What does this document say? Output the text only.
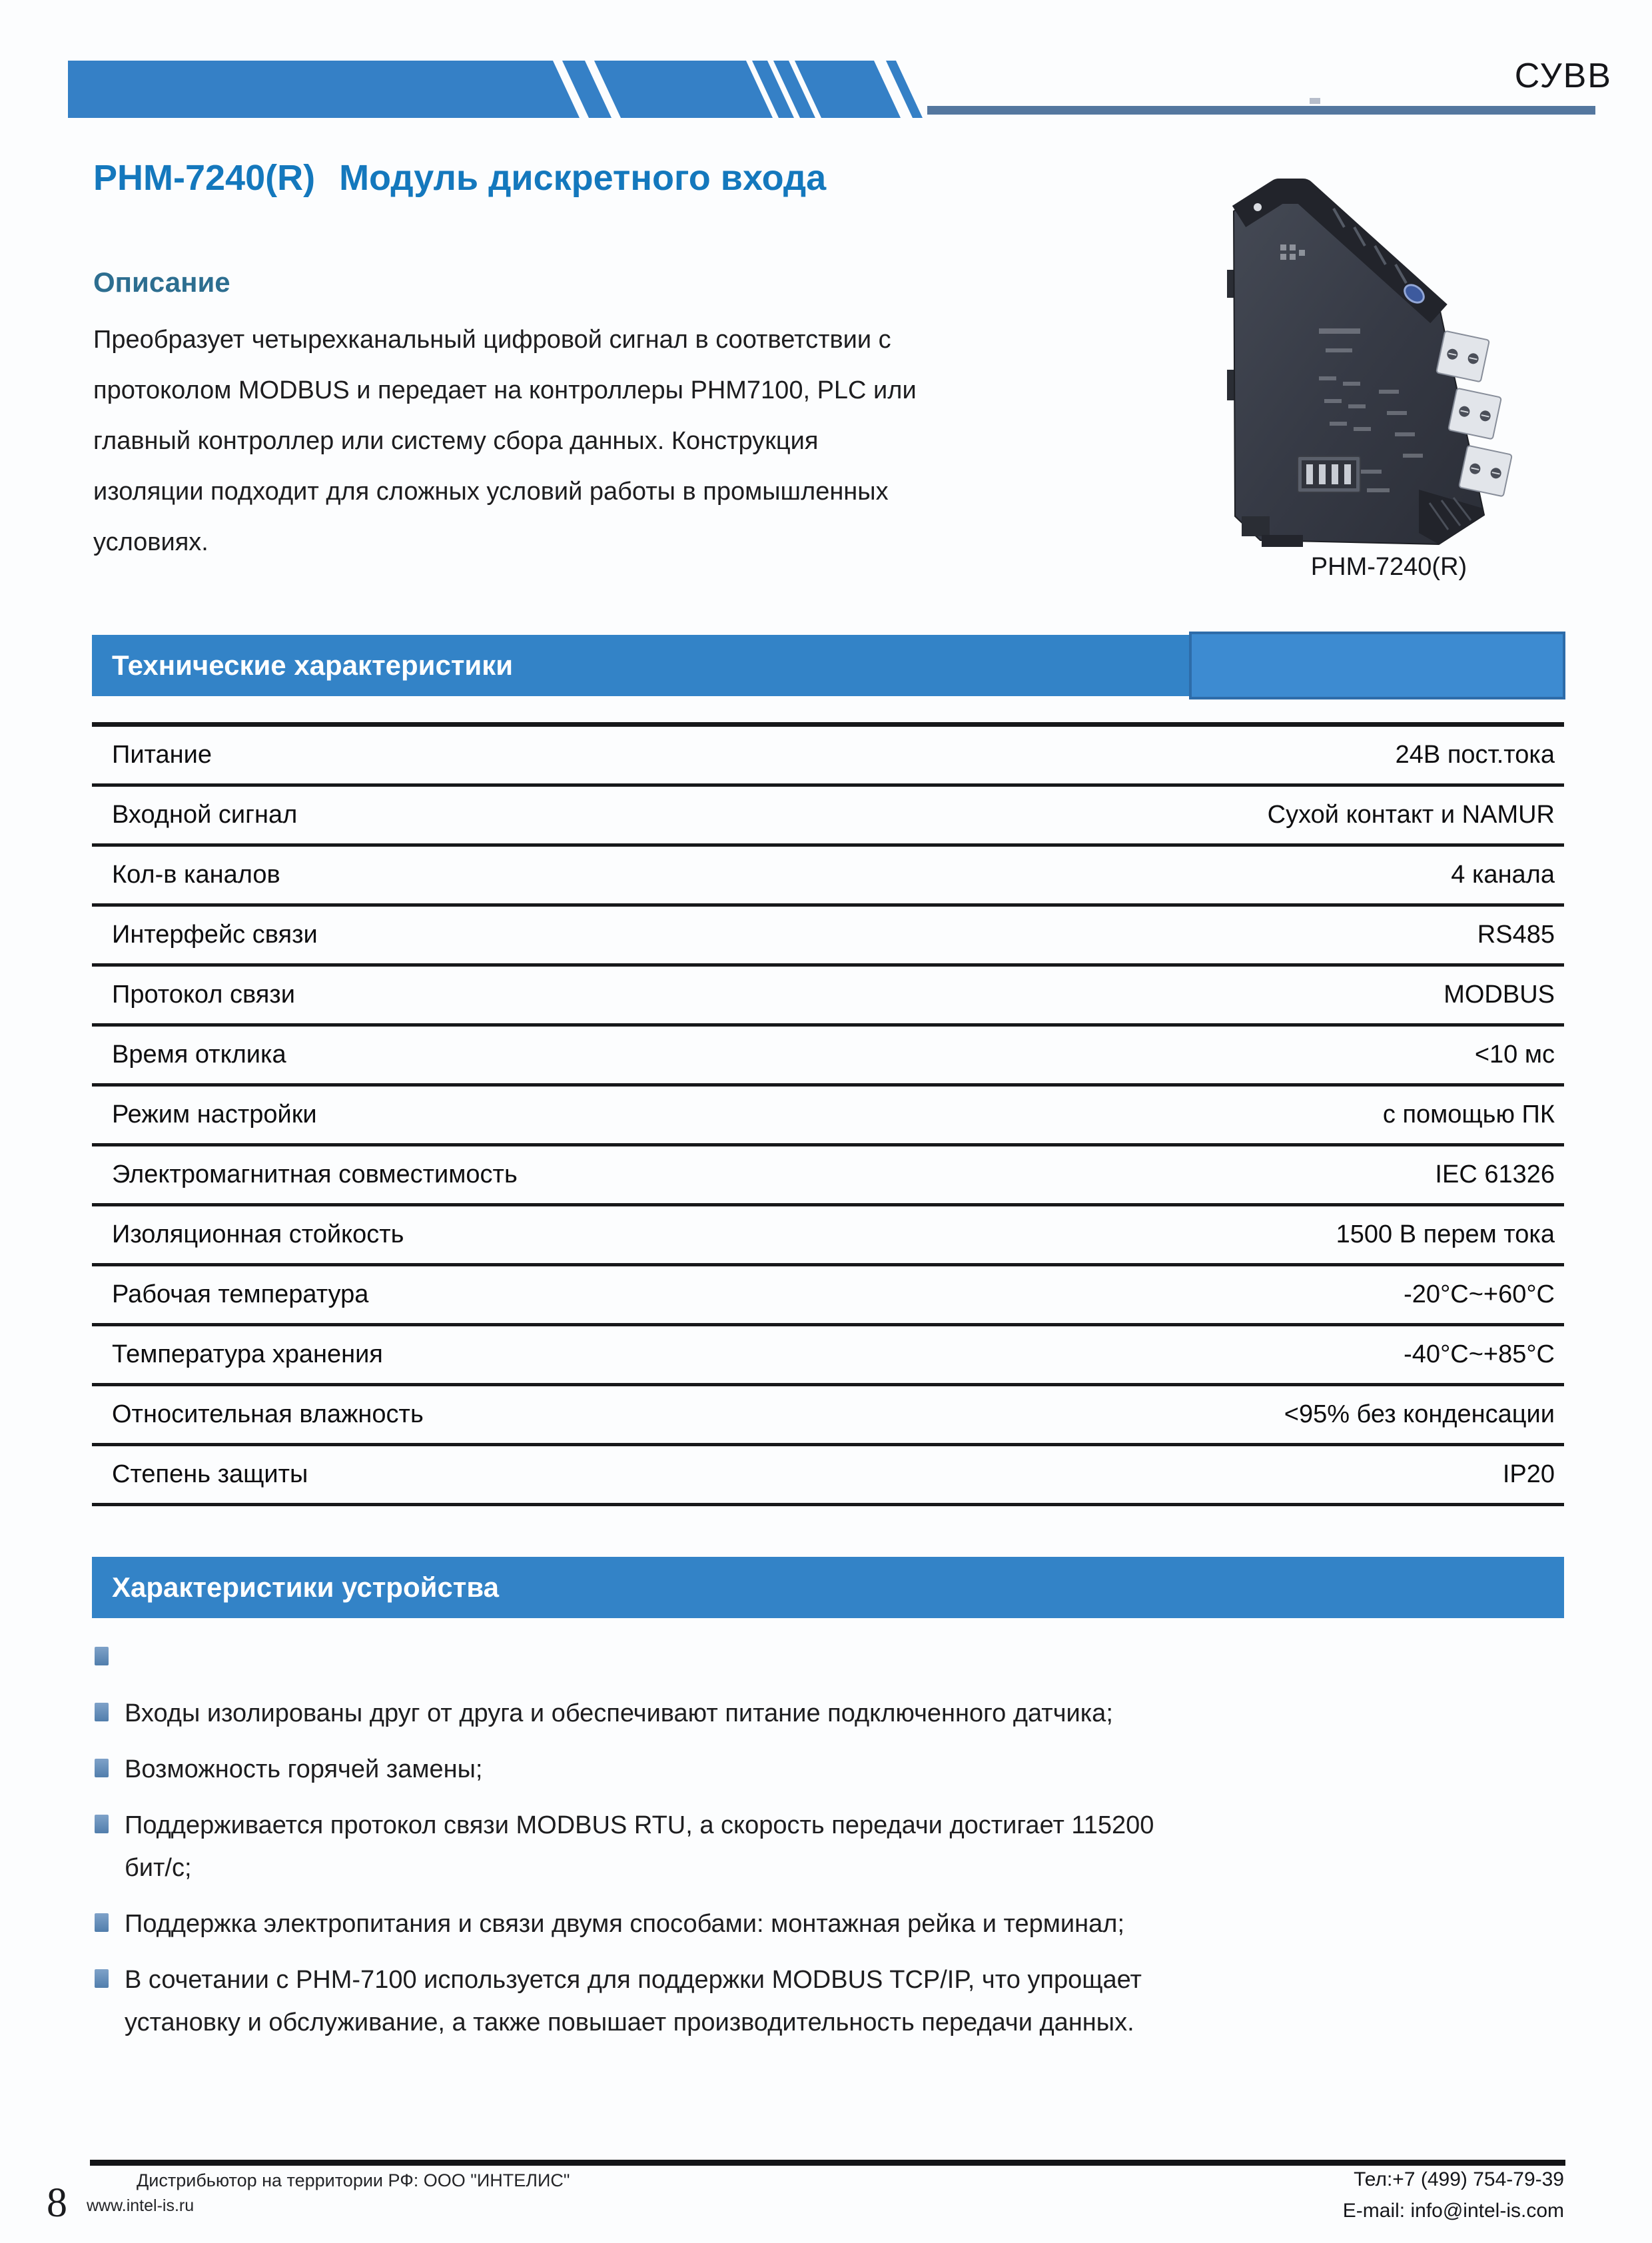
СУВВ
PHM-7240(R) Модуль дискретного входа
Описание
Преобразует четырехканальный цифровой сигнал в соответствии с
протоколом MODBUS и передает на контроллеры PHM7100, PLC или
главный контроллер или систему сбора данных. Конструкция
изоляции подходит для сложных условий работы в промышленных
условиях.
PHM-7240(R)
Технические характеристики
Питание	24В пост.тока
Входной сигнал	Сухой контакт и NAMUR
Кол-в каналов	4 канала
Интерфейс связи	RS485
Протокол связи	MODBUS
Время отклика	<10 мс
Режим настройки	с помощью ПК
Электромагнитная совместимость	IEC 61326
Изоляционная стойкость	1500 В перем тока
Рабочая температура	-20°C~+60°C
Температура хранения	-40°C~+85°C
Относительная влажность	<95% без конденсации
Степень защиты	IP20
Характеристики устройства
Входы изолированы друг от друга и обеспечивают питание подключенного датчика;
Возможность горячей замены;
Поддерживается протокол связи MODBUS RTU, а скорость передачи достигает 115200
бит/с;
Поддержка электропитания и связи двумя способами: монтажная рейка и терминал;
В сочетании с PHM-7100 используется для поддержки MODBUS TCP/IP, что упрощает
установку и обслуживание, а также повышает производительность передачи данных.
Дистрибьютор на территории РФ: ООО "ИНТЕЛИС"
8 www.intel-is.ru
Тел:+7 (499) 754-79-39
E-mail: info@intel-is.com
